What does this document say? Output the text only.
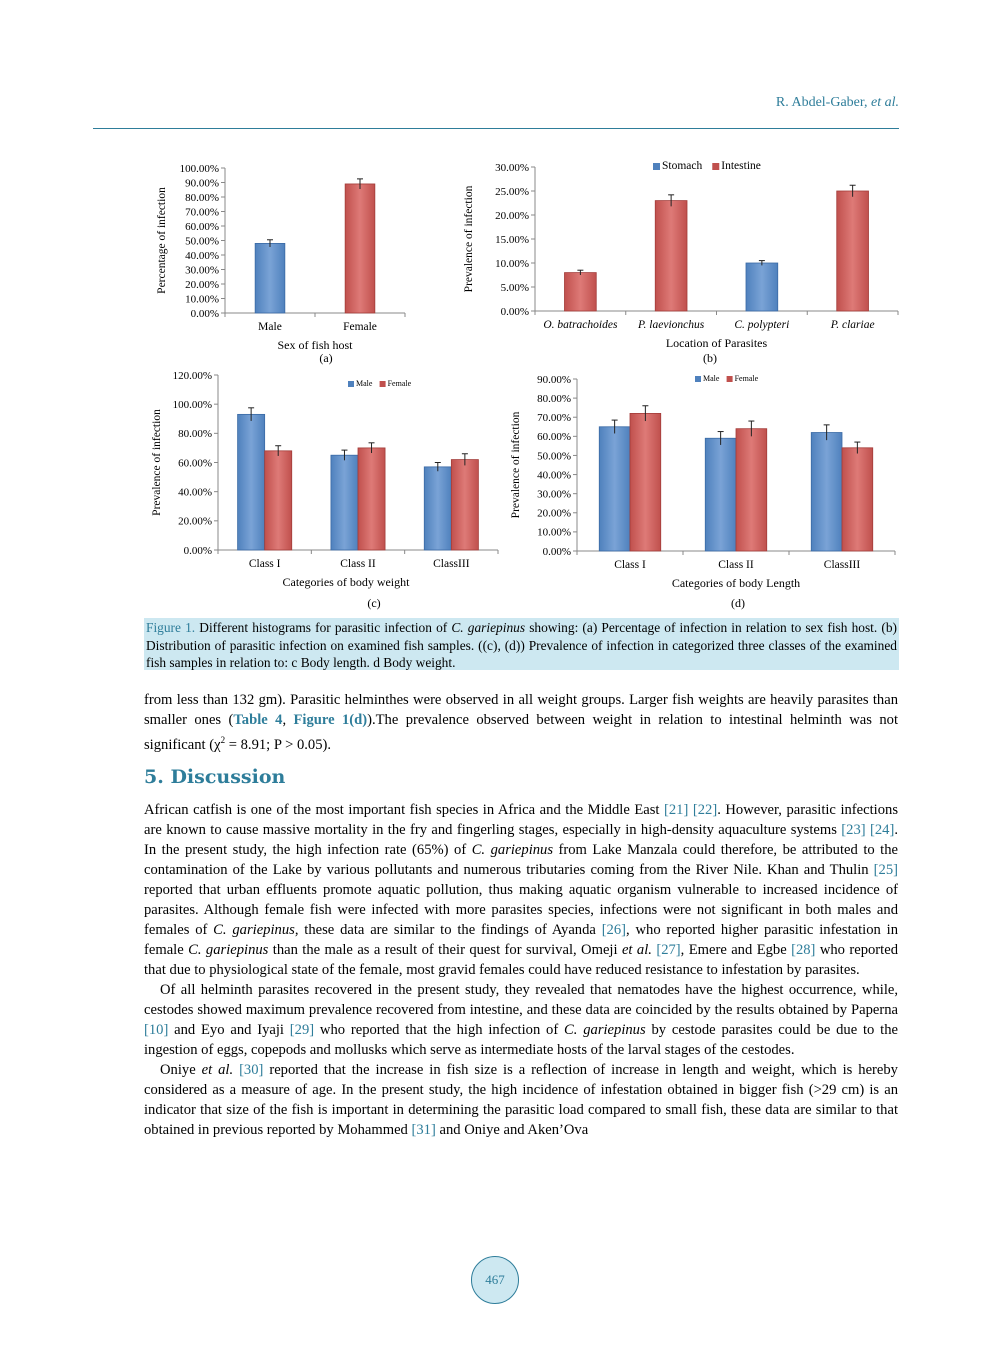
R. Abdel-Gaber, et al.
0.00%
10.00%
20.00%
30.00%
40.00%
50.00%
60.00%
70.00%
80.00%
90.00%
100.00%
Male	Female
Sex of fish host
Percentage of infection
(a)
0.00%
5.00%
10.00%
15.00%
20.00%
25.00%
30.00%
O. batrachoides P. laevionchus	C. polypteri	P. clariae
Location of Parasites
Prevalence of infection
(b)
Stomach Intestine
0.00%
20.00%
40.00%
60.00%
80.00%
100.00%
120.00%
Class I	Class II	ClassIII
Categories of body weight
Prevalence of infection
(c)
Male Female
0.00%
10.00%
20.00%
30.00%
40.00%
50.00%
60.00%
70.00%
80.00%
90.00%
Class I	Class II	ClassIII
Categories of body Length
Prevalence of infection
(d)
Male Female
Figure 1. Different histograms for parasitic infection of C. gariepinus showing: (a) Percentage of infection in relation to sex fish host. (b) Distribution of parasitic infection on examined fish samples. ((c), (d)) Prevalence of infection in categorized three classes of the examined fish samples in relation to: c Body length. d Body weight.

from less than 132 gm). Parasitic helminthes were observed in all weight groups. Larger fish weights are heavily parasites than smaller ones (Table 4, Figure 1(d)).The prevalence observed between weight in relation to intestinal helminth was not significant ($\chi^2 = 8.91$; P > 0.05).

5. Discussion

African catfish is one of the most important fish species in Africa and the Middle East [21] [22]. However, parasitic infections are known to cause massive mortality in the fry and fingerling stages, especially in high-density aquaculture systems [23] [24]. In the present study, the high infection rate (65%) of C. gariepinus from Lake Manzala could therefore, be attributed to the contamination of the Lake by various pollutants and numerous tributaries coming from the River Nile. Khan and Thulin [25] reported that urban effluents promote aquatic pollution, thus making aquatic organism vulnerable to increased incidence of parasites. Although female fish were infected with more parasites species, infections were not significant in both males and females of C. gariepinus, these data are similar to the findings of Ayanda [26], who reported higher parasitic infestation in female C. gariepinus than the male as a result of their quest for survival, Omeji et al. [27], Emere and Egbe [28] who reported that due to physiological state of the female, most gravid females could have reduced resistance to infestation by parasites.

Of all helminth parasites recovered in the present study, they revealed that nematodes have the highest occurrence, while, cestodes showed maximum prevalence recovered from intestine, and these data are coincided by the results obtained by Paperna [10] and Eyo and Iyaji [29] who reported that the high infection of C. gariepinus by cestode parasites could be due to the ingestion of eggs, copepods and mollusks which serve as intermediate hosts of the larval stages of the cestodes.

Oniye et al. [30] reported that the increase in fish size is a reflection of increase in length and weight, which is hereby considered as a measure of age. In the present study, the high incidence of infestation obtained in bigger fish (>29 cm) is an indicator that size of the fish is important in determining the parasitic load compared to small fish, these data are similar to that obtained in previous reported by Mohammed [31] and Oniye and Aken’Ova

467
